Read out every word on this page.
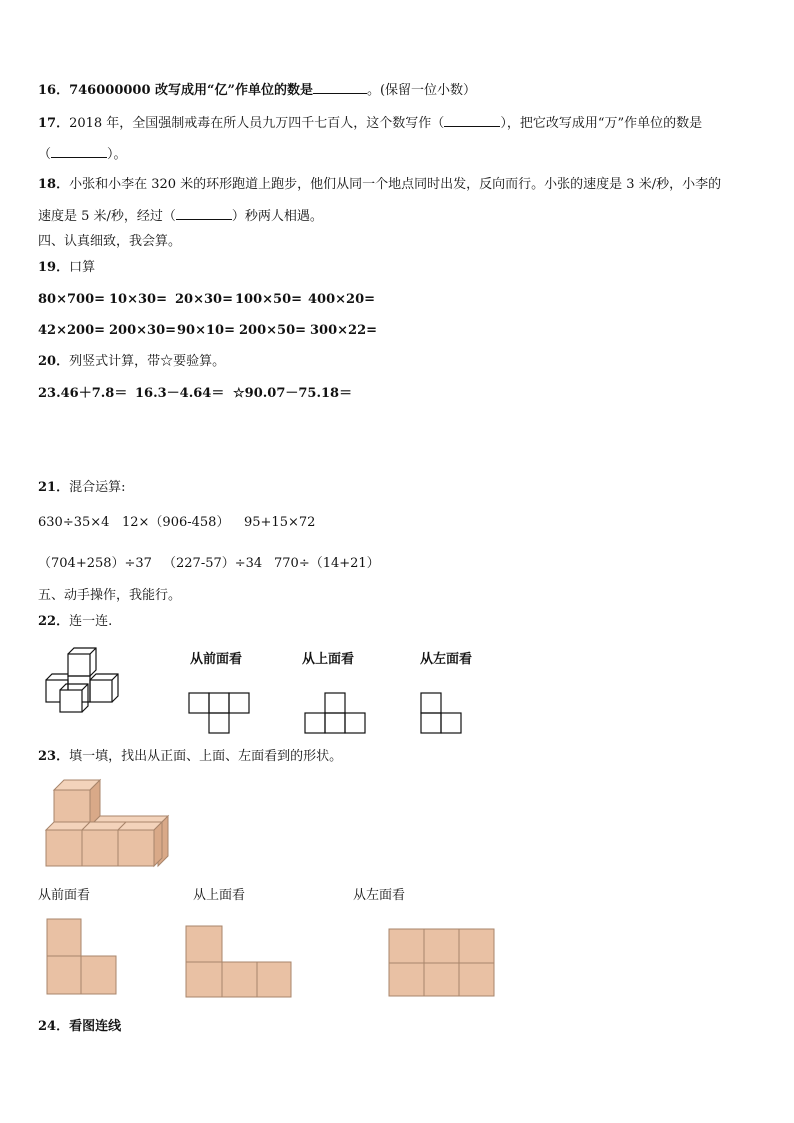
16．746000000 改写成用“亿”作单位的数是	。(保留一位小数）
17．2018 年，全国强制戒毒在所人员九万四千七百人，这个数写作（	），把它改写成用“万”作单位的数是
（	）。
18．小张和小李在 320 米的环形跑道上跑步，他们从同一个地点同时出发，反向而行。小张的速度是 3 米/秒，小李的
速度是 5 米/秒，经过（	）秒两人相遇。
四、认真细致，我会算。
19．口算
80×700= 10×30= 20×30= 100×50= 400×20=
42×200= 200×30=90×10= 200×50= 300×22=
20．列竖式计算，带☆要验算。
23.46＋7.8＝ 16.3－4.64＝ ☆90.07－75.18＝
21．混合运算:
630÷35×4 12×（906-458） 95+15×72
（704+258）÷37 （227-57）÷34 770÷（14+21）
五、动手操作，我能行。
22．连一连.
从前面看	从上面看	从左面看
23．填一填，找出从正面、上面、左面看到的形状。
从前面看	从上面看	从左面看
24．看图连线
